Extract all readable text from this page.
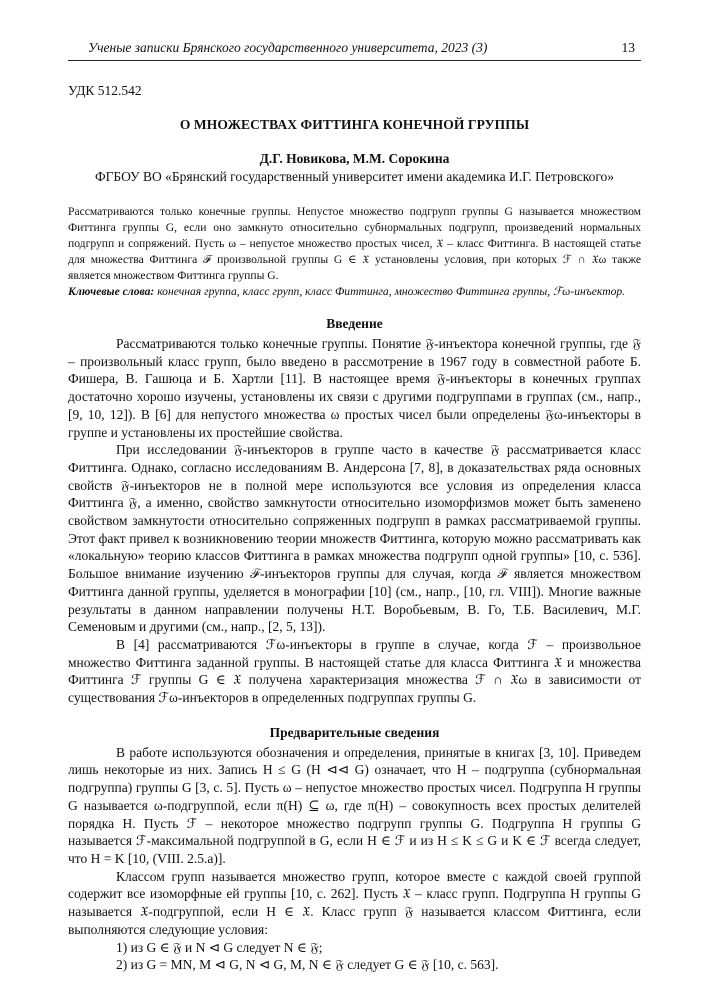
Ученые записки Брянского государственного университета, 2023 (3)	13
УДК 512.542
О МНОЖЕСТВАХ ФИТТИНГА КОНЕЧНОЙ ГРУППЫ
Д.Г. Новикова, М.М. Сорокина
ФГБОУ ВО «Брянский государственный университет имени академика И.Г. Петровского»
Рассматриваются только конечные группы. Непустое множество подгрупп группы G называется множеством Фиттинга группы G, если оно замкнуто относительно субнормальных подгрупп, произведений нормальных подгрупп и сопряжений. Пусть ω – непустое множество простых чисел, 𝔛 – класс Фиттинга. В настоящей статье для множества Фиттинга ℱ произвольной группы G ∈ 𝔛 установлены условия, при которых ℱ ∩ 𝔛ω также является множеством Фиттинга группы G.
Ключевые слова: конечная группа, класс групп, класс Фиттинга, множество Фиттинга группы, ℱω-инъектор.
Введение

Рассматриваются только конечные группы. Понятие 𝔉-инъектора конечной группы, где 𝔉 – произвольный класс групп, было введено в рассмотрение в 1967 году в совместной работе Б. Фишера, В. Гашюца и Б. Хартли [11]. В настоящее время 𝔉-инъекторы в конечных группах достаточно хорошо изучены, установлены их связи с другими подгруппами в группах (см., напр., [9, 10, 12]). В [6] для непустого множества ω простых чисел были определены 𝔉ω-инъекторы в группе и установлены их простейшие свойства.

При исследовании 𝔉-инъекторов в группе часто в качестве 𝔉 рассматривается класс Фиттинга. Однако, согласно исследованиям В. Андерсона [7, 8], в доказательствах ряда основных свойств 𝔉-инъекторов не в полной мере используются все условия из определения класса Фиттинга 𝔉, а именно, свойство замкнутости относительно изоморфизмов может быть заменено свойством замкнутости относительно сопряженных подгрупп в рамках рассматриваемой группы. Этот факт привел к возникновению теории множеств Фиттинга, которую можно рассматривать как «локальную» теорию классов Фиттинга в рамках множества подгрупп одной группы» [10, с. 536]. Большое внимание изучению ℱ-инъекторов группы для случая, когда ℱ является множеством Фиттинга данной группы, уделяется в монографии [10] (см., напр., [10, гл. VIII]). Многие важные результаты в данном направлении получены Н.Т. Воробьевым, В. Го, Т.Б. Василевич, М.Г. Семеновым и другими (см., напр., [2, 5, 13]).

В [4] рассматриваются ℱω-инъекторы в группе в случае, когда ℱ – произвольное множество Фиттинга заданной группы. В настоящей статье для класса Фиттинга 𝔛 и множества Фиттинга ℱ группы G ∈ 𝔛 получена характеризация множества ℱ ∩ 𝔛ω в зависимости от существования ℱω-инъекторов в определенных подгруппах группы G.

Предварительные сведения

В работе используются обозначения и определения, принятые в книгах [3, 10]. Приведем лишь некоторые из них. Запись H ≤ G (H ⊲⊲ G) означает, что H – подгруппа (субнормальная подгруппа) группы G [3, с. 5]. Пусть ω – непустое множество простых чисел. Подгруппа H группы G называется ω-подгруппой, если π(H) ⊆ ω, где π(H) – совокупность всех простых делителей порядка H. Пусть ℱ – некоторое множество подгрупп группы G. Подгруппа H группы G называется ℱ-максимальной подгруппой в G, если H ∈ ℱ и из H ≤ K ≤ G и K ∈ ℱ всегда следует, что H = K [10, (VIII. 2.5.a)].

Классом групп называется множество групп, которое вместе с каждой своей группой содержит все изоморфные ей группы [10, с. 262]. Пусть 𝔛 – класс групп. Подгруппа H группы G называется 𝔛-подгруппой, если H ∈ 𝔛. Класс групп 𝔉 называется классом Фиттинга, если выполняются следующие условия:

1) из G ∈ 𝔉 и N ⊲ G следует N ∈ 𝔉;

2) из G = MN, M ⊲ G, N ⊲ G, M, N ∈ 𝔉 следует G ∈ 𝔉 [10, с. 563].
